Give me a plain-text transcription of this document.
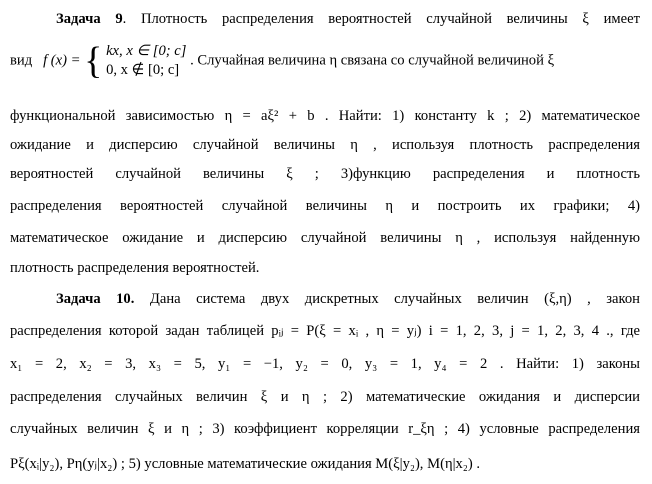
Задача 9. Плотность распределения вероятностей случайной величины ξ имеет
вид f (x) = { kx, x ∈ [0; c]
0, x ∉ [0; c] . Случайная величина η связана со случайной величиной ξ
функциональной зависимостью η = aξ² + b . Найти: 1) константу k ; 2) математическое
ожидание и дисперсию случайной величины η , используя плотность распределения
вероятностей случайной величины ξ ; 3)функцию распределения и плотность
распределения вероятностей случайной величины η и построить их графики; 4)
математическое ожидание и дисперсию случайной величины η , используя найденную
плотность распределения вероятностей.
Задача 10. Дана система двух дискретных случайных величин (ξ,η) , закон
распределения которой задан таблицей pᵢⱼ = P(ξ = xᵢ , η = yⱼ) i = 1, 2, 3, j = 1, 2, 3, 4 ., где
x₁ = 2, x₂ = 3, x₃ = 5, y₁ = −1, y₂ = 0, y₃ = 1, y₄ = 2 . Найти: 1) законы
распределения случайных величин ξ и η ; 2) математические ожидания и дисперсии
случайных величин ξ и η ; 3) коэффициент корреляции r_ξη ; 4) условные распределения
Pξ(xᵢ|y₂), Pη(yⱼ|x₂) ; 5) условные математические ожидания M(ξ|y₂), M(η|x₂) .
